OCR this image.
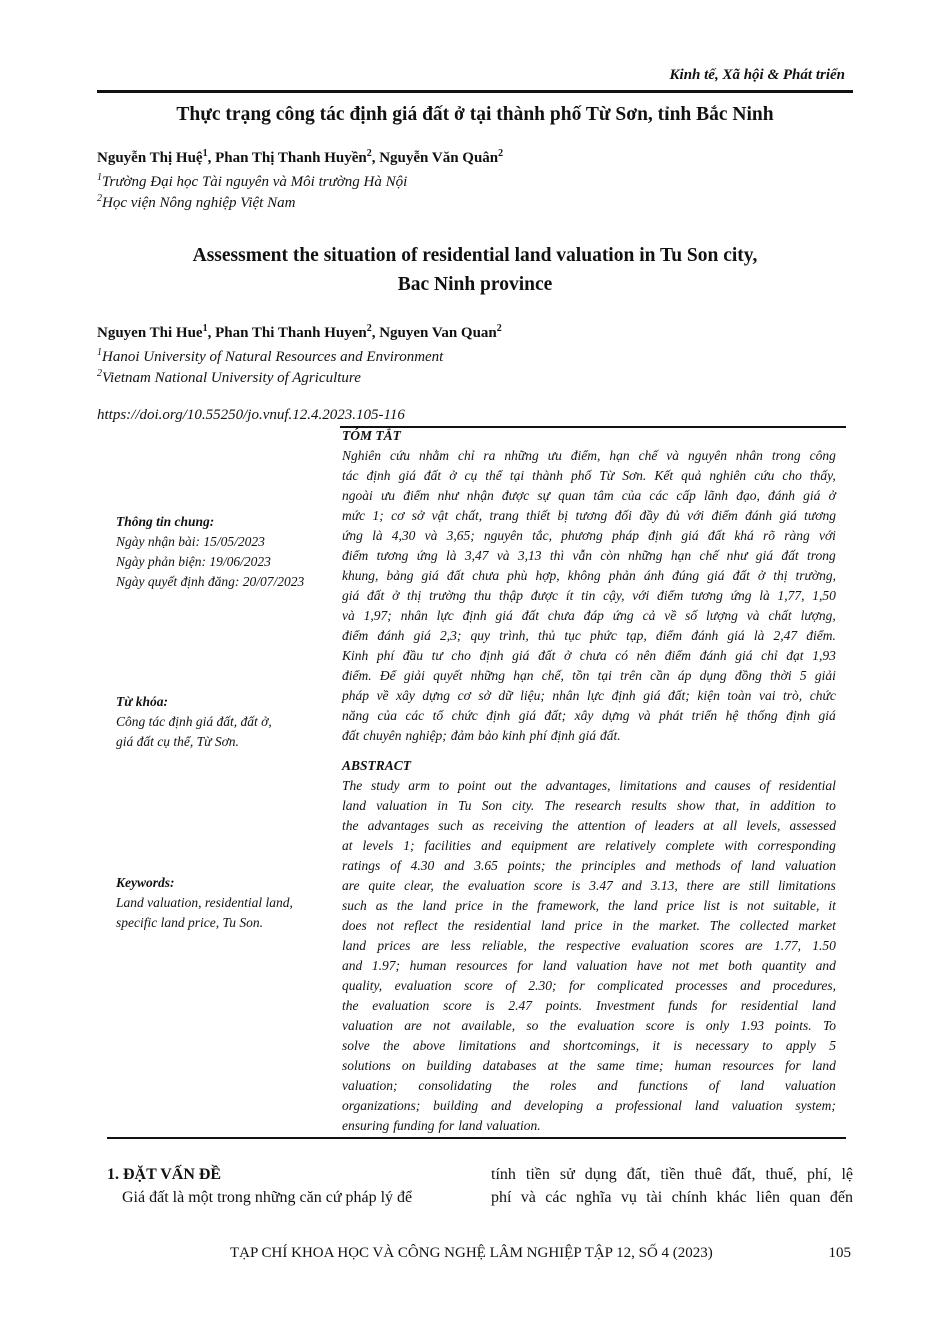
Kinh tế, Xã hội & Phát triển
Thực trạng công tác định giá đất ở tại thành phố Từ Sơn, tỉnh Bắc Ninh
Nguyễn Thị Huệ$^1$, Phan Thị Thanh Huyền$^2$, Nguyễn Văn Quân$^2$
$^1$Trường Đại học Tài nguyên và Môi trường Hà Nội
$^2$Học viện Nông nghiệp Việt Nam
Assessment the situation of residential land valuation in Tu Son city,
Bac Ninh province
Nguyen Thi Hue$^1$, Phan Thi Thanh Huyen$^2$, Nguyen Van Quan$^2$
$^1$Hanoi University of Natural Resources and Environment
$^2$Vietnam National University of Agriculture
https://doi.org/10.55250/jo.vnuf.12.4.2023.105-116
Thông tin chung:
Ngày nhận bài: 15/05/2023
Ngày phản biện: 19/06/2023
Ngày quyết định đăng: 20/07/2023
Từ khóa:
Công tác định giá đất, đất ở,
giá đất cụ thể, Từ Sơn.
Keywords:
Land valuation, residential land,
specific land price, Tu Son.
TÓM TẮT
Nghiên cứu nhằm chỉ ra những ưu điểm, hạn chế và nguyên nhân trong công
tác định giá đất ở cụ thể tại thành phố Từ Sơn. Kết quả nghiên cứu cho thấy,
ngoài ưu điểm như nhận được sự quan tâm của các cấp lãnh đạo, đánh giá ở
mức 1; cơ sở vật chất, trang thiết bị tương đối đầy đủ với điểm đánh giá tương
ứng là 4,30 và 3,65; nguyên tắc, phương pháp định giá đất khá rõ ràng với
điểm tương ứng là 3,47 và 3,13 thì vẫn còn những hạn chế như giá đất trong
khung, bảng giá đất chưa phù hợp, không phản ánh đúng giá đất ở thị trường,
giá đất ở thị trường thu thập được ít tin cậy, với điểm tương ứng là 1,77, 1,50
và 1,97; nhân lực định giá đất chưa đáp ứng cả về số lượng và chất lượng,
điểm đánh giá 2,3; quy trình, thủ tục phức tạp, điểm đánh giá là 2,47 điểm.
Kinh phí đầu tư cho định giá đất ở chưa có nên điểm đánh giá chỉ đạt 1,93
điểm. Để giải quyết những hạn chế, tồn tại trên cần áp dụng đồng thời 5 giải
pháp về xây dựng cơ sở dữ liệu; nhân lực định giá đất; kiện toàn vai trò, chức
năng của các tổ chức định giá đất; xây dựng và phát triển hệ thống định giá
đất chuyên nghiệp; đảm bảo kinh phí định giá đất.
ABSTRACT
The study arm to point out the advantages, limitations and causes of residential
land valuation in Tu Son city. The research results show that, in addition to
the advantages such as receiving the attention of leaders at all levels, assessed
at levels 1; facilities and equipment are relatively complete with corresponding
ratings of 4.30 and 3.65 points; the principles and methods of land valuation
are quite clear, the evaluation score is 3.47 and 3.13, there are still limitations
such as the land price in the framework, the land price list is not suitable, it
does not reflect the residential land price in the market. The collected market
land prices are less reliable, the respective evaluation scores are 1.77, 1.50
and 1.97; human resources for land valuation have not met both quantity and
quality, evaluation score of 2.30; for complicated processes and procedures,
the evaluation score is 2.47 points. Investment funds for residential land
valuation are not available, so the evaluation score is only 1.93 points. To
solve the above limitations and shortcomings, it is necessary to apply 5
solutions on building databases at the same time; human resources for land
valuation; consolidating the roles and functions of land valuation
organizations; building and developing a professional land valuation system;
ensuring funding for land valuation.
1. ĐẶT VẤN ĐỀ
Giá đất là một trong những căn cứ pháp lý để
tính tiền sử dụng đất, tiền thuê đất, thuế, phí, lệ
phí và các nghĩa vụ tài chính khác liên quan đến
TẠP CHÍ KHOA HỌC VÀ CÔNG NGHỆ LÂM NGHIỆP TẬP 12, SỐ 4 (2023)	105
